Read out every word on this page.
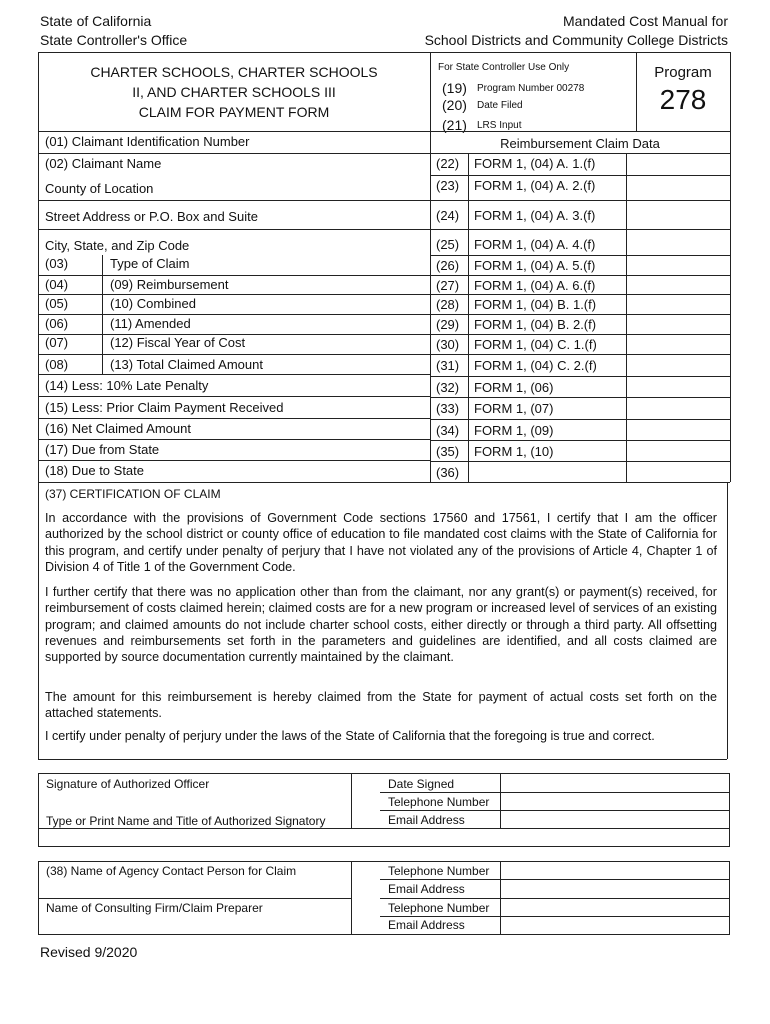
State of California
State Controller's Office
Mandated Cost Manual for
School Districts and Community College Districts
CHARTER SCHOOLS, CHARTER SCHOOLS
II, AND CHARTER SCHOOLS III
CLAIM FOR PAYMENT FORM
For State Controller Use Only
(19) Program Number 00278
(20) Date Filed
(21) LRS Input
Program
278
(01) Claimant Identification Number
(02) Claimant Name
County of Location
Street Address or P.O. Box and Suite
City, State, and Zip Code
(03)	Type of Claim
(04)	(09) Reimbursement
(05)	(10) Combined
(06)	(11) Amended
(07)	(12) Fiscal Year of Cost
(08)	(13) Total Claimed Amount
(14) Less: 10% Late Penalty
(15) Less: Prior Claim Payment Received
(16) Net Claimed Amount
(17) Due from State
(18) Due to State
Reimbursement Claim Data
(22) FORM 1, (04) A. 1.(f)
(23) FORM 1, (04) A. 2.(f)
(24) FORM 1, (04) A. 3.(f)
(25) FORM 1, (04) A. 4.(f)
(26) FORM 1, (04) A. 5.(f)
(27) FORM 1, (04) A. 6.(f)
(28) FORM 1, (04) B. 1.(f)
(29) FORM 1, (04) B. 2.(f)
(30) FORM 1, (04) C. 1.(f)
(31) FORM 1, (04) C. 2.(f)
(32) FORM 1, (06)
(33) FORM 1, (07)
(34) FORM 1, (09)
(35) FORM 1, (10)
(36)
(37) CERTIFICATION OF CLAIM
In accordance with the provisions of Government Code sections 17560 and 17561, I certify that I am the officer authorized by the school district or county office of education to file mandated cost claims with the State of California for this program, and certify under penalty of perjury that I have not violated any of the provisions of Article 4, Chapter 1 of Division 4 of Title 1 of the Government Code.
I further certify that there was no application other than from the claimant, nor any grant(s) or payment(s) received, for reimbursement of costs claimed herein; claimed costs are for a new program or increased level of services of an existing program; and claimed amounts do not include charter school costs, either directly or through a third party. All offsetting revenues and reimbursements set forth in the parameters and guidelines are identified, and all costs claimed are supported by source documentation currently maintained by the claimant.
The amount for this reimbursement is hereby claimed from the State for payment of actual costs set forth on the attached statements.
I certify under penalty of perjury under the laws of the State of California that the foregoing is true and correct.
Signature of Authorized Officer
Type or Print Name and Title of Authorized Signatory
Date Signed
Telephone Number
Email Address
(38) Name of Agency Contact Person for Claim
Name of Consulting Firm/Claim Preparer
Telephone Number
Email Address
Telephone Number
Email Address
Revised 9/2020
